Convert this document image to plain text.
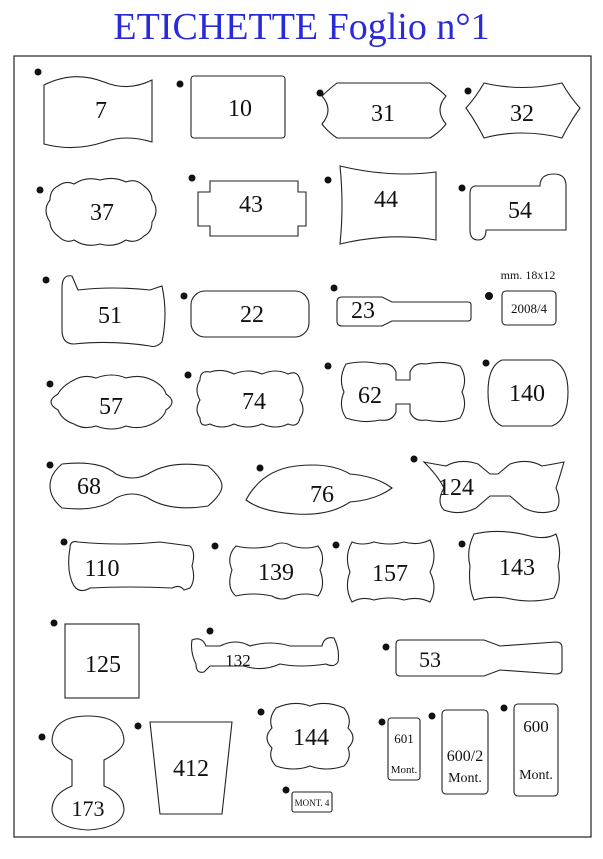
ETICHETTE Foglio n°1
7	10	31	32
37	43	44	54
51	22	23
mm. 18x12
2008/4
57	74	62	140
68	76	124
110	139	157	143
125	132	53
173
412
144
MONT. 4
601
Mont.
600/2
Mont.
600
Mont.
